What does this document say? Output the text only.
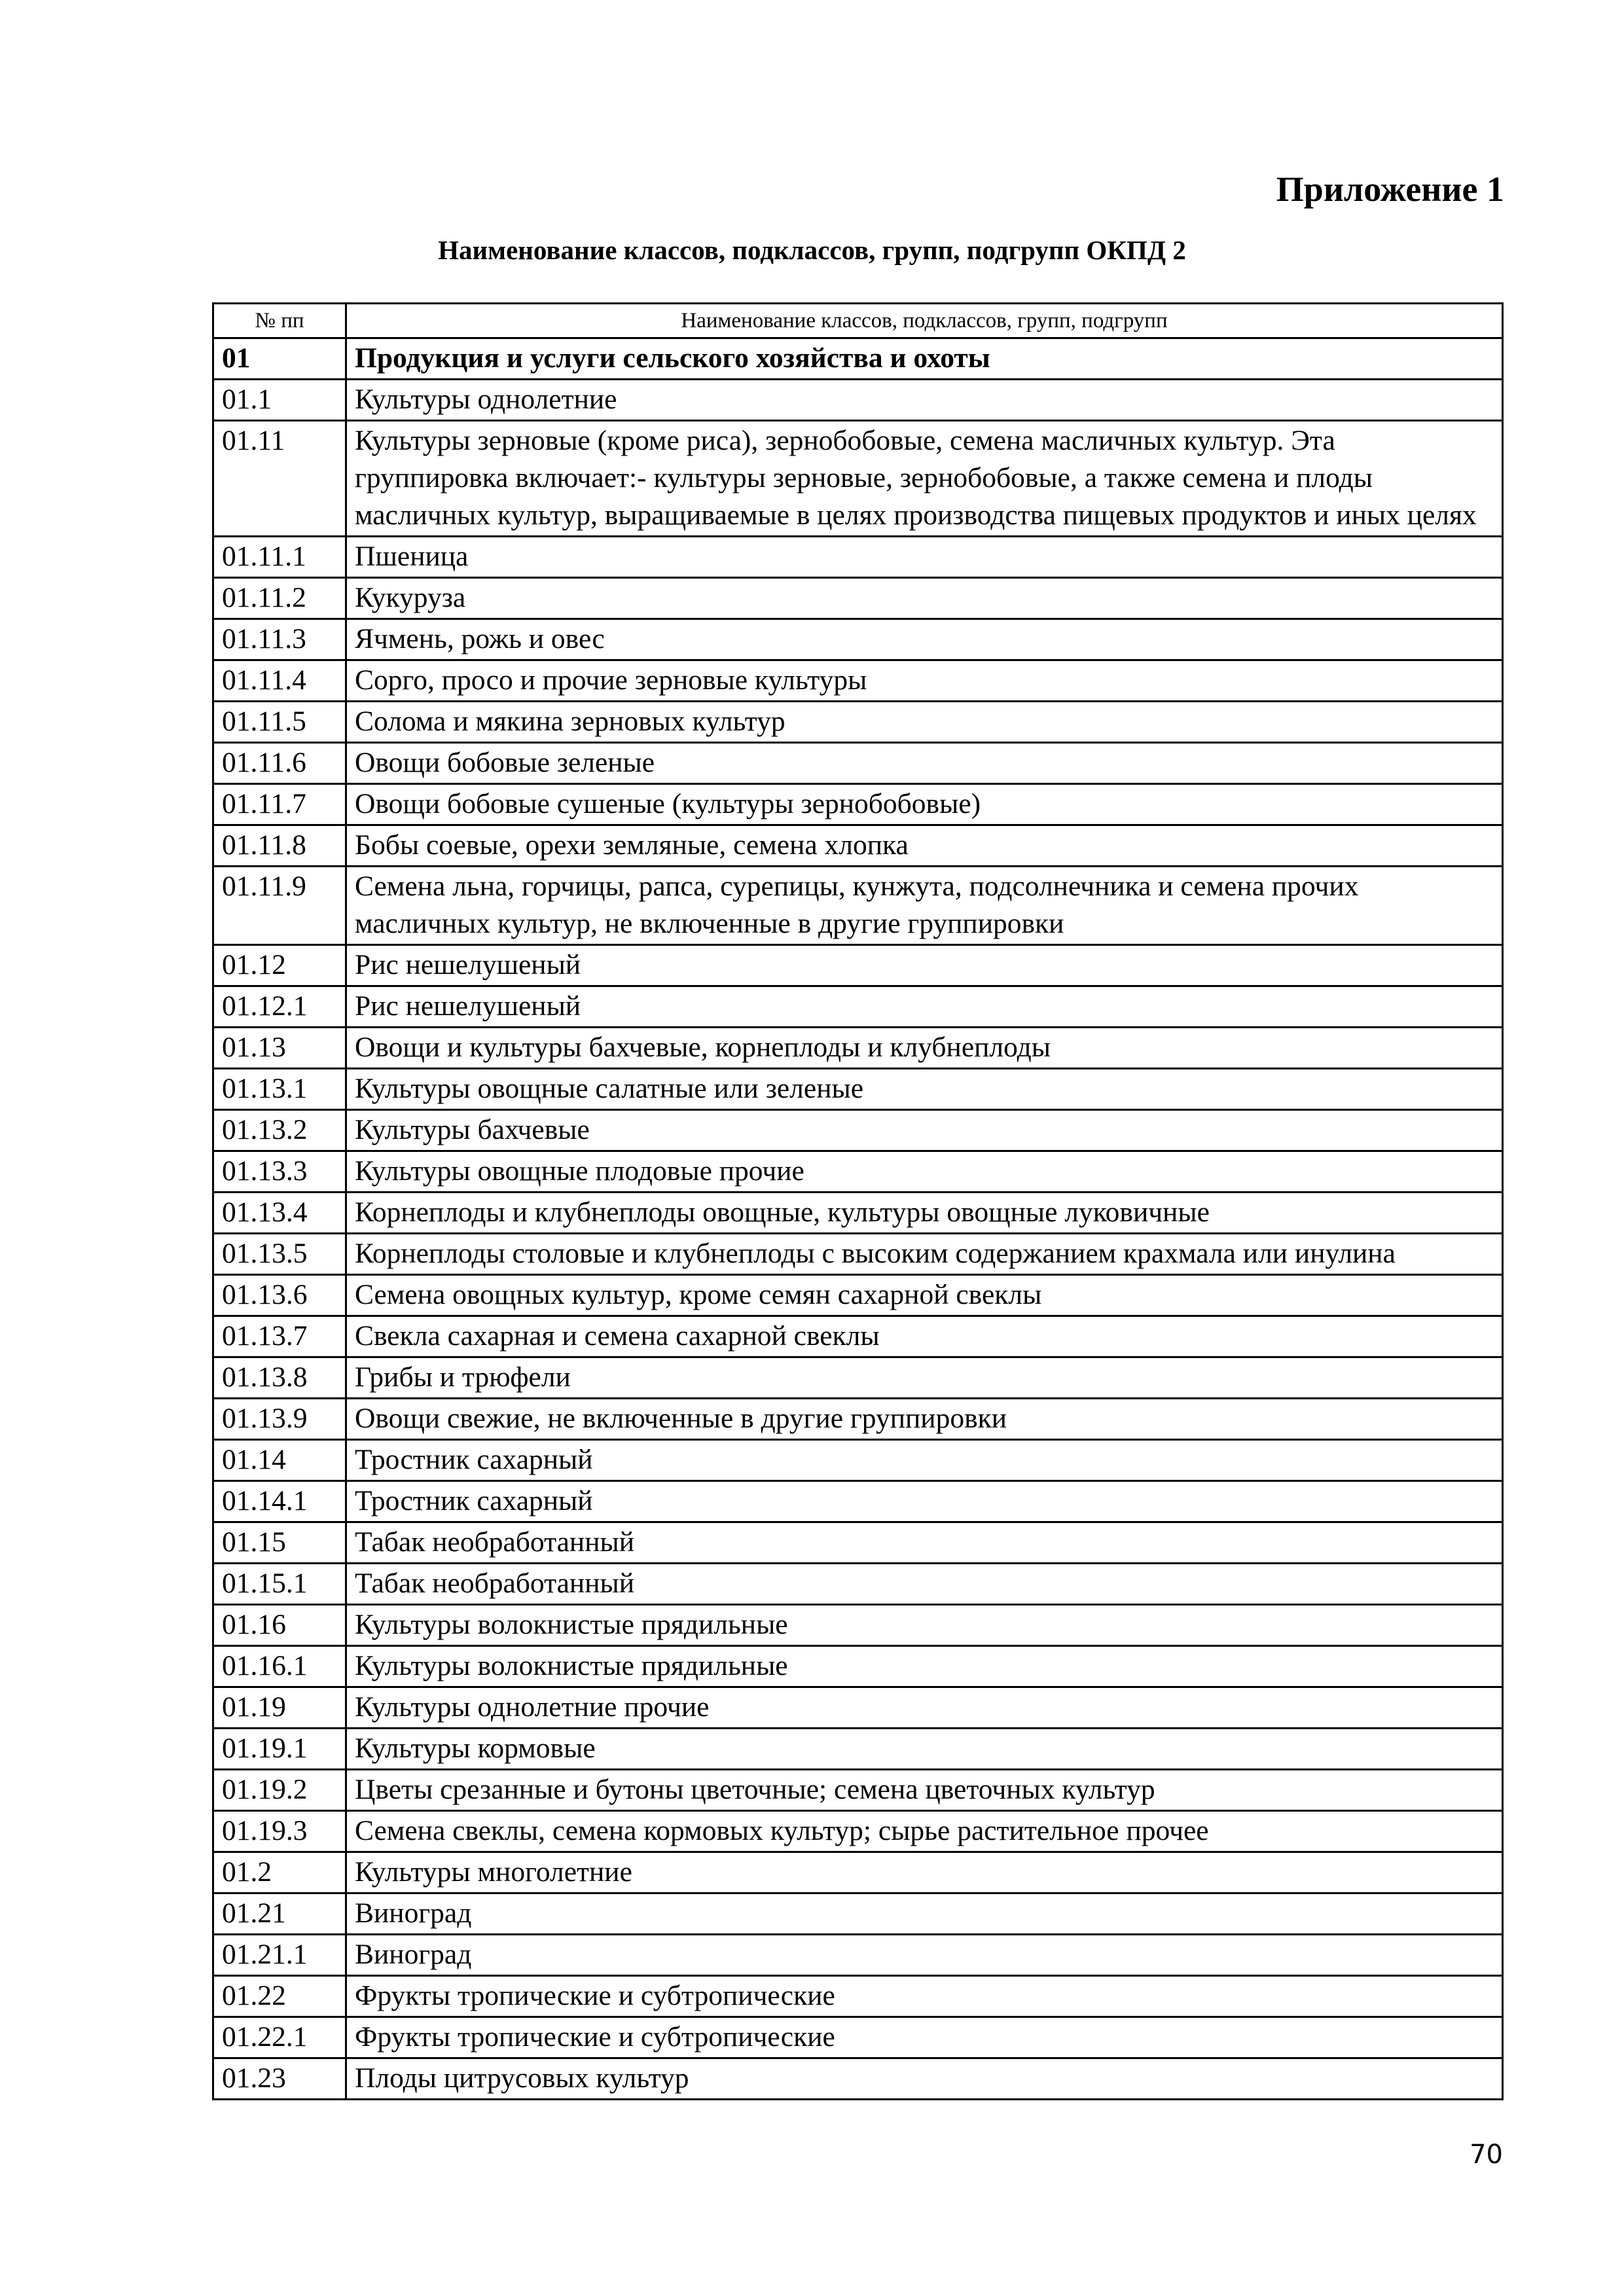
Приложение 1
Наименование классов, подклассов, групп, подгрупп ОКПД 2
№ пп	Наименование классов, подклассов, групп, подгрупп
01	Продукция и услуги сельского хозяйства и охоты
01.1	Культуры однолетние
01.11	Культуры зерновые (кроме риса), зернобобовые, семена масличных культур. Эта группировка включает:- культуры зерновые, зернобобовые, а также семена и плоды масличных культур, выращиваемые в целях производства пищевых продуктов и иных целях
01.11.1	Пшеница
01.11.2	Кукуруза
01.11.3	Ячмень, рожь и овес
01.11.4	Сорго, просо и прочие зерновые культуры
01.11.5	Солома и мякина зерновых культур
01.11.6	Овощи бобовые зеленые
01.11.7	Овощи бобовые сушеные (культуры зернобобовые)
01.11.8	Бобы соевые, орехи земляные, семена хлопка
01.11.9	Семена льна, горчицы, рапса, сурепицы, кунжута, подсолнечника и семена прочих масличных культур, не включенные в другие группировки
01.12	Рис нешелушеный
01.12.1	Рис нешелушеный
01.13	Овощи и культуры бахчевые, корнеплоды и клубнеплоды
01.13.1	Культуры овощные салатные или зеленые
01.13.2	Культуры бахчевые
01.13.3	Культуры овощные плодовые прочие
01.13.4	Корнеплоды и клубнеплоды овощные, культуры овощные луковичные
01.13.5	Корнеплоды столовые и клубнеплоды с высоким содержанием крахмала или инулина
01.13.6	Семена овощных культур, кроме семян сахарной свеклы
01.13.7	Свекла сахарная и семена сахарной свеклы
01.13.8	Грибы и трюфели
01.13.9	Овощи свежие, не включенные в другие группировки
01.14	Тростник сахарный
01.14.1	Тростник сахарный
01.15	Табак необработанный
01.15.1	Табак необработанный
01.16	Культуры волокнистые прядильные
01.16.1	Культуры волокнистые прядильные
01.19	Культуры однолетние прочие
01.19.1	Культуры кормовые
01.19.2	Цветы срезанные и бутоны цветочные; семена цветочных культур
01.19.3	Семена свеклы, семена кормовых культур; сырье растительное прочее
01.2	Культуры многолетние
01.21	Виноград
01.21.1	Виноград
01.22	Фрукты тропические и субтропические
01.22.1	Фрукты тропические и субтропические
01.23	Плоды цитрусовых культур
70
